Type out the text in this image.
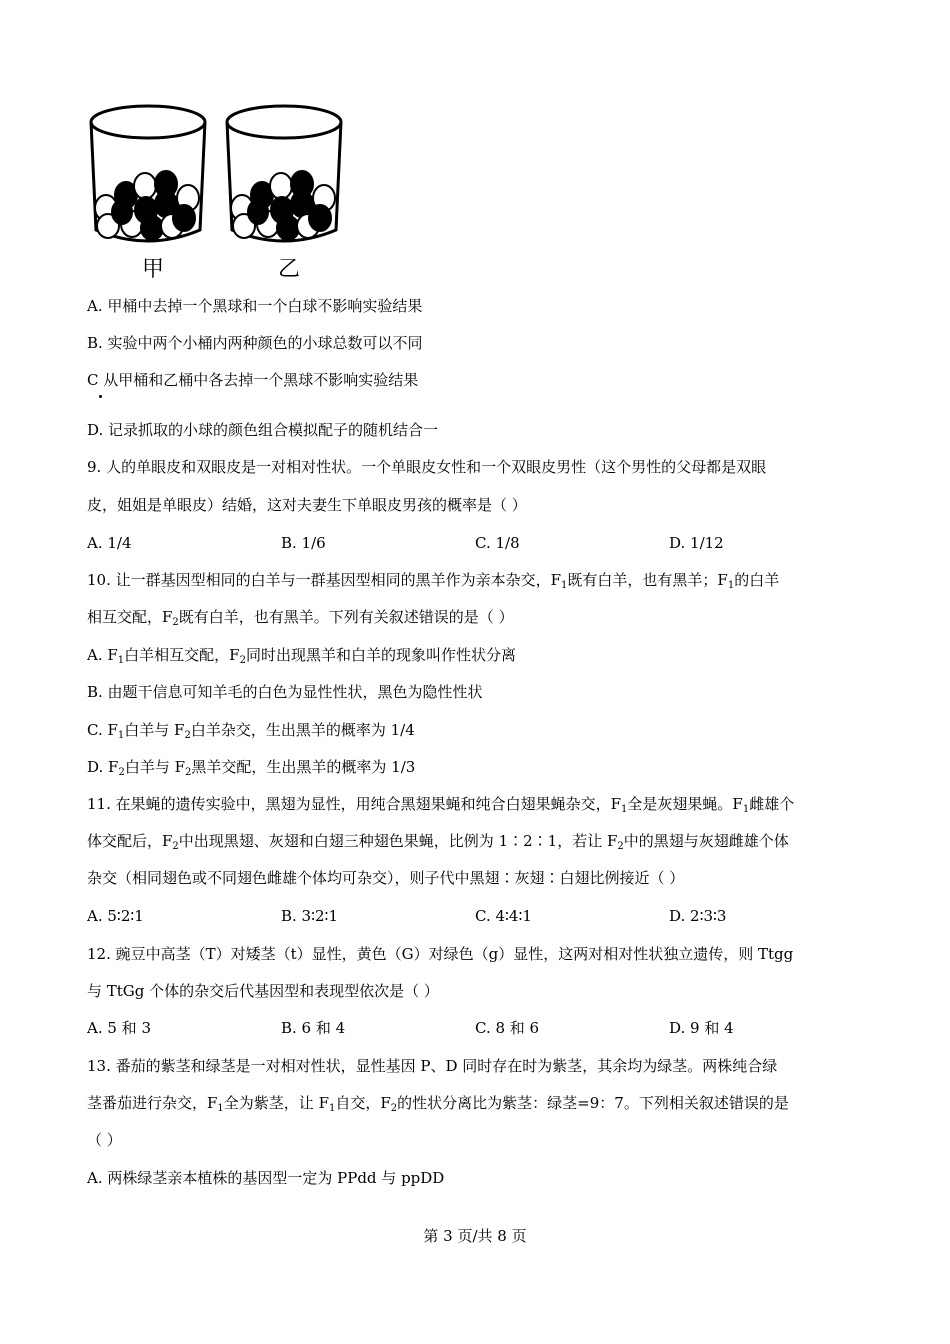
甲	乙
A. 甲桶中去掉一个黑球和一个白球不影响实验结果
B. 实验中两个小桶内两种颜色的小球总数可以不同
C 从甲桶和乙桶中各去掉一个黑球不影响实验结果
D. 记录抓取的小球的颜色组合模拟配子的随机结合一
9. 人的单眼皮和双眼皮是一对相对性状。一个单眼皮女性和一个双眼皮男性（这个男性的父母都是双眼
皮，姐姐是单眼皮）结婚，这对夫妻生下单眼皮男孩的概率是（ ）
A. 1/4	B. 1/6	C. 1/8	D. 1/12
10. 让一群基因型相同的白羊与一群基因型相同的黑羊作为亲本杂交，$F_1$既有白羊，也有黑羊；$F_1$的白羊
相互交配，$F_2$既有白羊，也有黑羊。下列有关叙述错误的是（ ）
A. $F_1$白羊相互交配，$F_2$同时出现黑羊和白羊的现象叫作性状分离
B. 由题干信息可知羊毛的白色为显性性状，黑色为隐性性状
C. $F_1$白羊与 $F_2$白羊杂交，生出黑羊的概率为 1/4
D. $F_2$白羊与 $F_2$黑羊交配，生出黑羊的概率为 1/3
11. 在果蝇的遗传实验中，黑翅为显性，用纯合黑翅果蝇和纯合白翅果蝇杂交，$F_1$全是灰翅果蝇。$F_1$雌雄个
体交配后，$F_2$中出现黑翅、灰翅和白翅三种翅色果蝇，比例为 1∶2∶1，若让 $F_2$中的黑翅与灰翅雌雄个体
杂交（相同翅色或不同翅色雌雄个体均可杂交），则子代中黑翅∶灰翅∶白翅比例接近（ ）
A. 5∶2∶1	B. 3∶2∶1	C. 4∶4∶1	D. 2∶3∶3
12. 豌豆中高茎（T）对矮茎（t）显性，黄色（G）对绿色（g）显性，这两对相对性状独立遗传，则 Ttgg
与 TtGg 个体的杂交后代基因型和表现型依次是（ ）
A. 5 和 3	B. 6 和 4	C. 8 和 6	D. 9 和 4
13. 番茄的紫茎和绿茎是一对相对性状，显性基因 P、D 同时存在时为紫茎，其余均为绿茎。两株纯合绿
茎番茄进行杂交，$F_1$全为紫茎，让 $F_1$自交，$F_2$的性状分离比为紫茎：绿茎=9：7。下列相关叙述错误的是
（ ）
A. 两株绿茎亲本植株的基因型一定为 PPdd 与 ppDD
第 3 页/共 8 页
